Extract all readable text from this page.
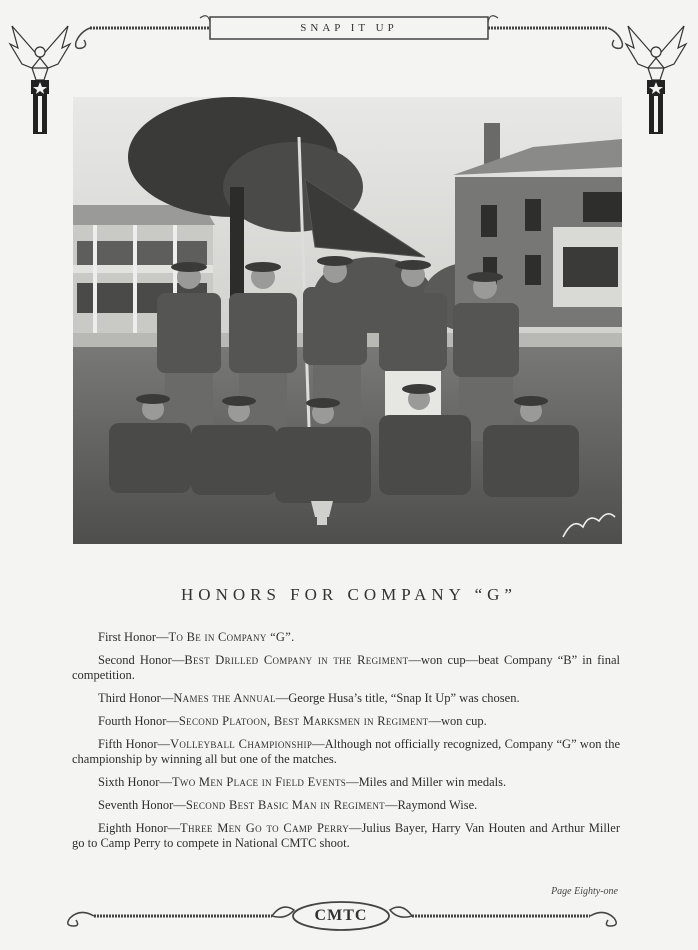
SNAP IT UP
HONORS FOR COMPANY “G”

First Honor—To Be in Company “G”.

Second Honor—Best Drilled Company in the Regiment—won cup—beat Company “B” in final competition.

Third Honor—Names the Annual—George Husa’s title, “Snap It Up” was chosen.

Fourth Honor—Second Platoon, Best Marksmen in Regiment—won cup.

Fifth Honor—Volleyball Championship—Although not officially recognized, Company “G” won the championship by winning all but one of the matches.

Sixth Honor—Two Men Place in Field Events—Miles and Miller win medals.

Seventh Honor—Second Best Basic Man in Regiment—Raymond Wise.

Eighth Honor—Three Men Go to Camp Perry—Julius Bayer, Harry Van Houten and Arthur Miller go to Camp Perry to compete in National CMTC shoot.

Page Eighty-one
CMTC
